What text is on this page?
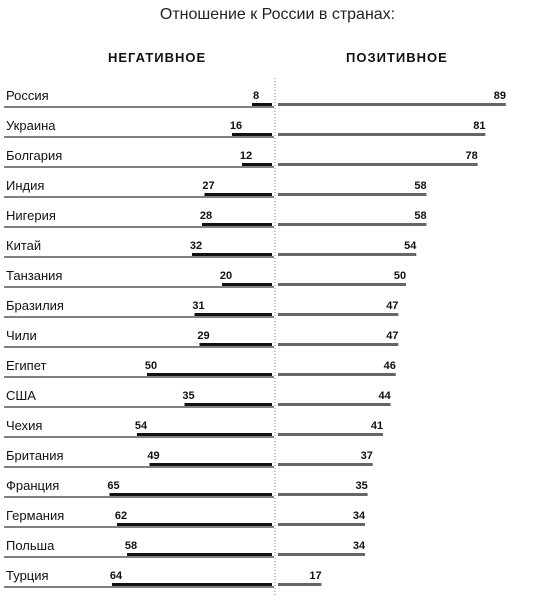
Отношение к России в странах:
НЕГАТИВНОЕ	ПОЗИТИВНОЕ
Россия	8	89
Украина	16	81
Болгария	12	78
Индия	27	58
Нигерия	28	58
Китай	32	54
Танзания	20	50
Бразилия	31	47
Чили	29	47
Египет	50	46
США	35	44
Чехия	54	41
Британия	49	37
Франция	65	35
Германия	62	34
Польша	58	34
Турция	64	17
